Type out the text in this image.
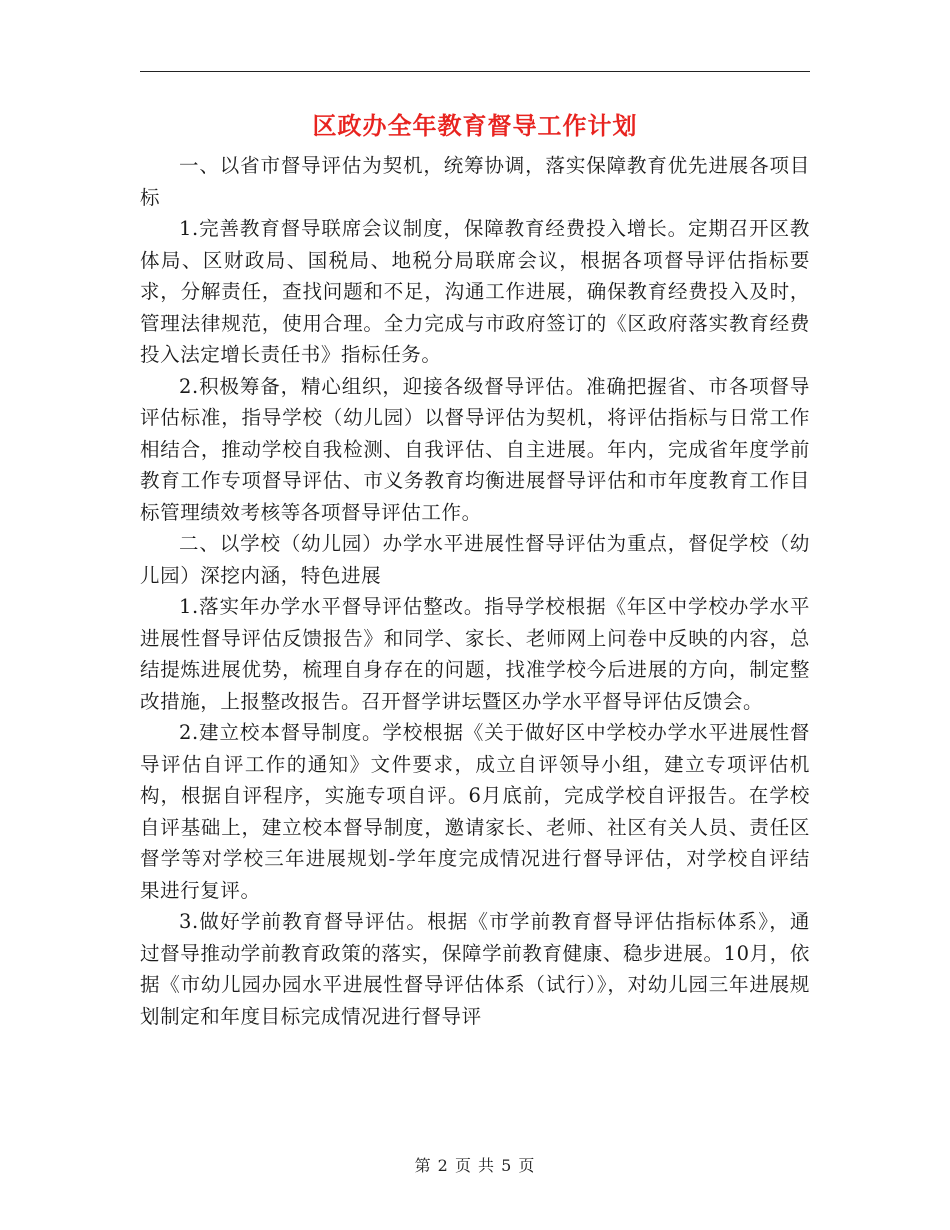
区政办全年教育督导工作计划

一、以省市督导评估为契机，统筹协调，落实保障教育优先进展各项目标

1.完善教育督导联席会议制度，保障教育经费投入增长。定期召开区教体局、区财政局、国税局、地税分局联席会议，根据各项督导评估指标要求，分解责任，查找问题和不足，沟通工作进展，确保教育经费投入及时，管理法律规范，使用合理。全力完成与市政府签订的《区政府落实教育经费投入法定增长责任书》指标任务。

2.积极筹备，精心组织，迎接各级督导评估。准确把握省、市各项督导评估标准，指导学校（幼儿园）以督导评估为契机，将评估指标与日常工作相结合，推动学校自我检测、自我评估、自主进展。年内，完成省年度学前教育工作专项督导评估、市义务教育均衡进展督导评估和市年度教育工作目标管理绩效考核等各项督导评估工作。

二、以学校（幼儿园）办学水平进展性督导评估为重点，督促学校（幼儿园）深挖内涵，特色进展

1.落实年办学水平督导评估整改。指导学校根据《年区中学校办学水平进展性督导评估反馈报告》和同学、家长、老师网上问卷中反映的内容，总结提炼进展优势，梳理自身存在的问题，找准学校今后进展的方向，制定整改措施，上报整改报告。召开督学讲坛暨区办学水平督导评估反馈会。

2.建立校本督导制度。学校根据《关于做好区中学校办学水平进展性督导评估自评工作的通知》文件要求，成立自评领导小组，建立专项评估机构，根据自评程序，实施专项自评。6月底前，完成学校自评报告。在学校自评基础上，建立校本督导制度，邀请家长、老师、社区有关人员、责任区督学等对学校三年进展规划-学年度完成情况进行督导评估，对学校自评结果进行复评。

3.做好学前教育督导评估。根据《市学前教育督导评估指标体系》，通过督导推动学前教育政策的落实，保障学前教育健康、稳步进展。10月，依据《市幼儿园办园水平进展性督导评估体系（试行）》，对幼儿园三年进展规划制定和年度目标完成情况进行督导评

第 2 页 共 5 页
